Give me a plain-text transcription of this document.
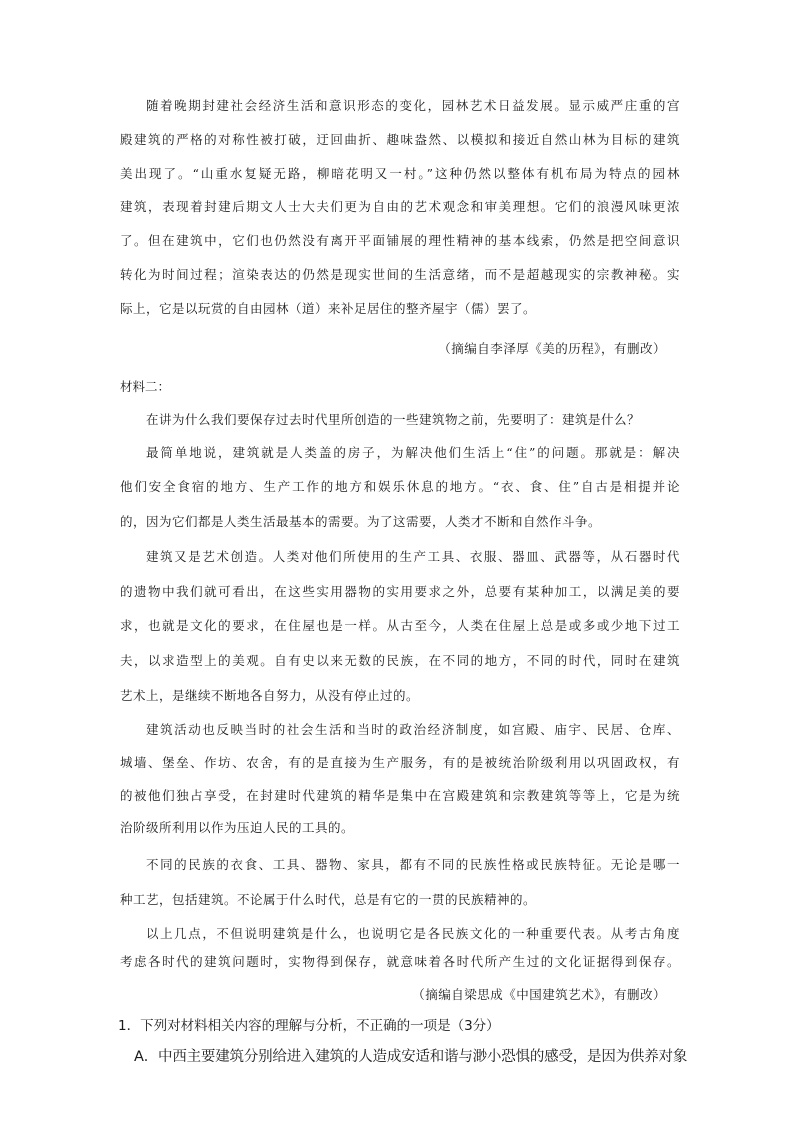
随着晚期封建社会经济生活和意识形态的变化，园林艺术日益发展。显示威严庄重的宫
殿建筑的严格的对称性被打破，迂回曲折、趣味盎然、以模拟和接近自然山林为目标的建筑
美出现了。“山重水复疑无路，柳暗花明又一村。”这种仍然以整体有机布局为特点的园林
建筑，表现着封建后期文人士大夫们更为自由的艺术观念和审美理想。它们的浪漫风味更浓
了。但在建筑中，它们也仍然没有离开平面铺展的理性精神的基本线索，仍然是把空间意识
转化为时间过程；渲染表达的仍然是现实世间的生活意绪，而不是超越现实的宗教神秘。实
际上，它是以玩赏的自由园林（道）来补足居住的整齐屋宇（儒）罢了。
（摘编自李泽厚《美的历程》，有删改）
材料二：
在讲为什么我们要保存过去时代里所创造的一些建筑物之前，先要明了：建筑是什么？
最简单地说，建筑就是人类盖的房子，为解决他们生活上“住”的问题。那就是：解决
他们安全食宿的地方、生产工作的地方和娱乐休息的地方。“衣、食、住”自古是相提并论
的，因为它们都是人类生活最基本的需要。为了这需要，人类才不断和自然作斗争。
建筑又是艺术创造。人类对他们所使用的生产工具、衣服、器皿、武器等，从石器时代
的遗物中我们就可看出，在这些实用器物的实用要求之外，总要有某种加工，以满足美的要
求，也就是文化的要求，在住屋也是一样。从古至今，人类在住屋上总是或多或少地下过工
夫，以求造型上的美观。自有史以来无数的民族，在不同的地方，不同的时代，同时在建筑
艺术上，是继续不断地各自努力，从没有停止过的。
建筑活动也反映当时的社会生活和当时的政治经济制度，如宫殿、庙宇、民居、仓库、
城墙、堡垒、作坊、农舍，有的是直接为生产服务，有的是被统治阶级利用以巩固政权，有
的被他们独占享受，在封建时代建筑的精华是集中在宫殿建筑和宗教建筑等等上，它是为统
治阶级所利用以作为压迫人民的工具的。
不同的民族的衣食、工具、器物、家具，都有不同的民族性格或民族特征。无论是哪一
种工艺，包括建筑。不论属于什么时代，总是有它的一贯的民族精神的。
以上几点，不但说明建筑是什么，也说明它是各民族文化的一种重要代表。从考古角度
考虑各时代的建筑问题时，实物得到保存，就意味着各时代所产生过的文化证据得到保存。
（摘编自梁思成《中国建筑艺术》，有删改）
1．下列对材料相关内容的理解与分析，不正确的一项是（3分）
A．中西主要建筑分别给进入建筑的人造成安适和谐与渺小恐惧的感受，是因为供养对象
